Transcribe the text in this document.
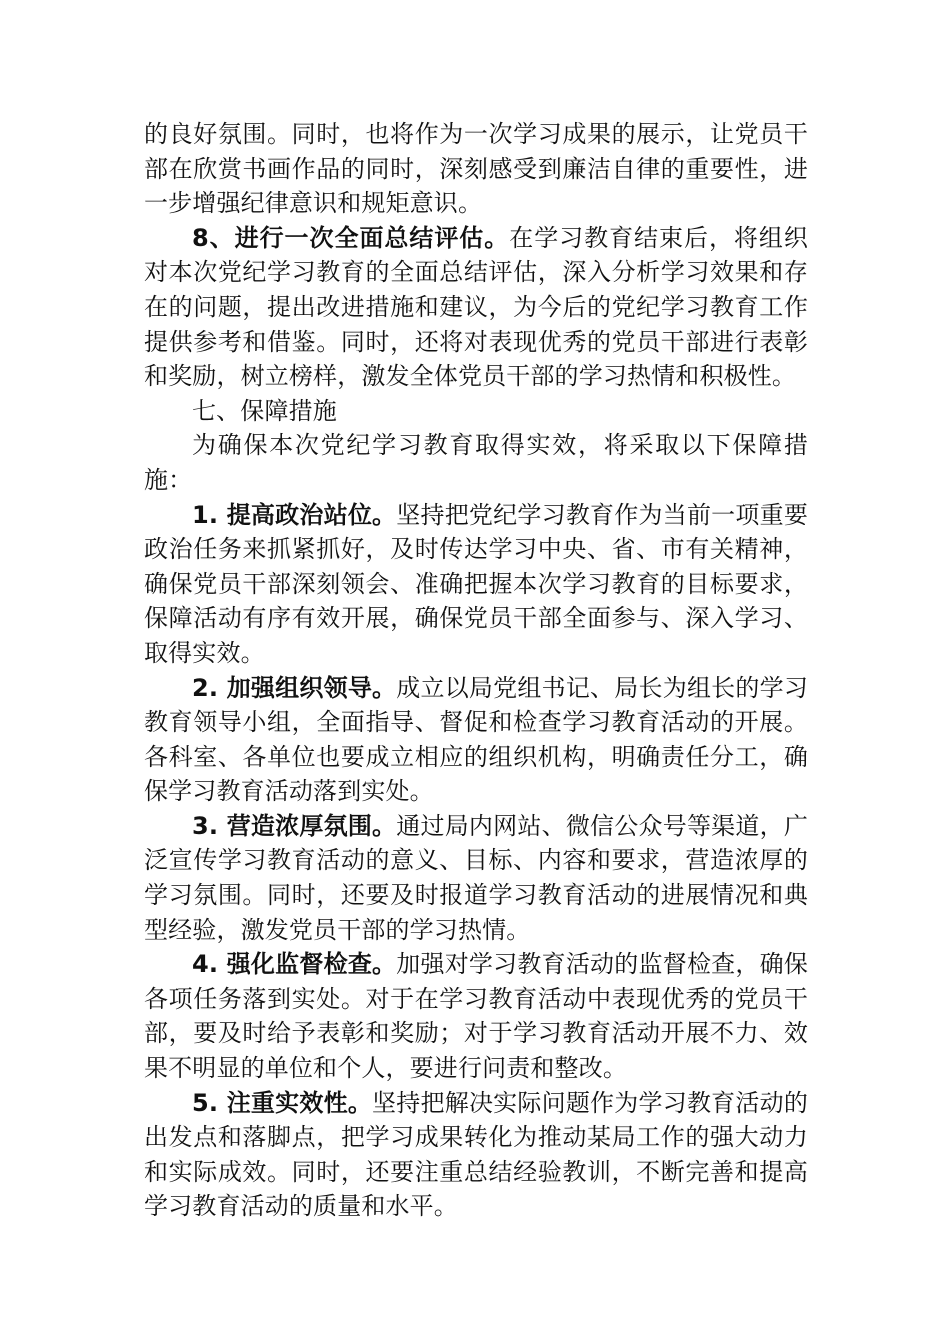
的良好氛围。同时，也将作为一次学习成果的展示，让党员干部在欣赏书画作品的同时，深刻感受到廉洁自律的重要性，进一步增强纪律意识和规矩意识。

8、进行一次全面总结评估。在学习教育结束后，将组织对本次党纪学习教育的全面总结评估，深入分析学习效果和存在的问题，提出改进措施和建议，为今后的党纪学习教育工作提供参考和借鉴。同时，还将对表现优秀的党员干部进行表彰和奖励，树立榜样，激发全体党员干部的学习热情和积极性。

七、保障措施

为确保本次党纪学习教育取得实效，将采取以下保障措施：

1. 提高政治站位。坚持把党纪学习教育作为当前一项重要政治任务来抓紧抓好，及时传达学习中央、省、市有关精神，确保党员干部深刻领会、准确把握本次学习教育的目标要求，保障活动有序有效开展，确保党员干部全面参与、深入学习、取得实效。

2. 加强组织领导。成立以局党组书记、局长为组长的学习教育领导小组，全面指导、督促和检查学习教育活动的开展。各科室、各单位也要成立相应的组织机构，明确责任分工，确保学习教育活动落到实处。

3. 营造浓厚氛围。通过局内网站、微信公众号等渠道，广泛宣传学习教育活动的意义、目标、内容和要求，营造浓厚的学习氛围。同时，还要及时报道学习教育活动的进展情况和典型经验，激发党员干部的学习热情。

4. 强化监督检查。加强对学习教育活动的监督检查，确保各项任务落到实处。对于在学习教育活动中表现优秀的党员干部，要及时给予表彰和奖励；对于学习教育活动开展不力、效果不明显的单位和个人，要进行问责和整改。

5. 注重实效性。坚持把解决实际问题作为学习教育活动的出发点和落脚点，把学习成果转化为推动某局工作的强大动力和实际成效。同时，还要注重总结经验教训，不断完善和提高学习教育活动的质量和水平。
